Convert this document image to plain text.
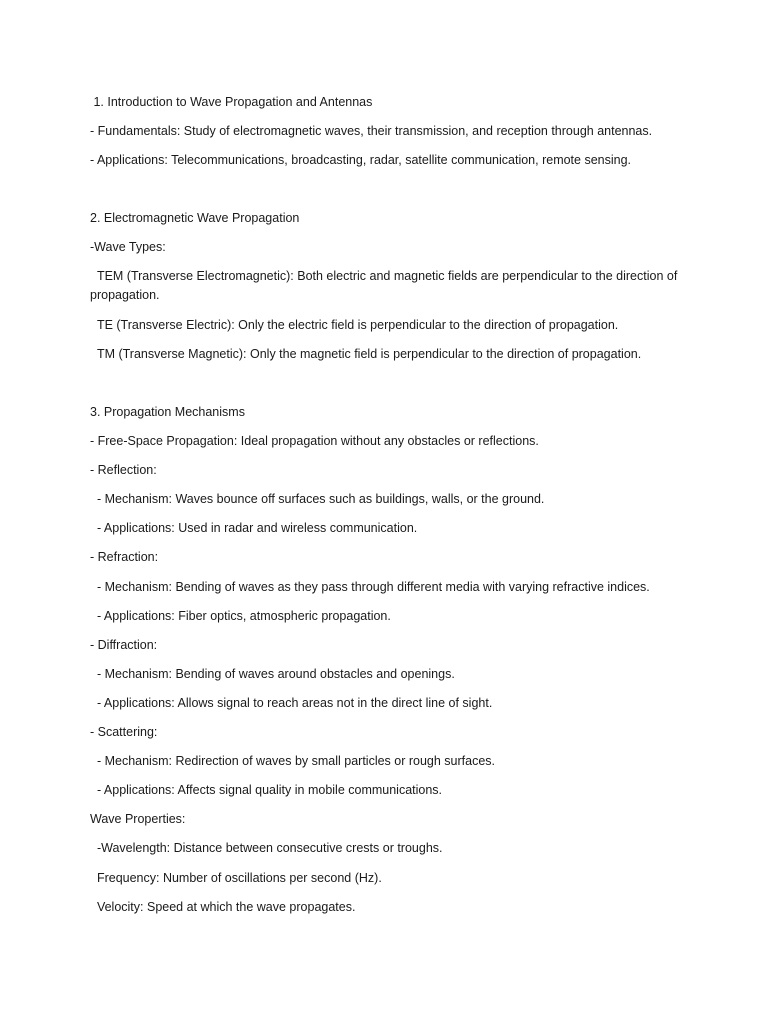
1. Introduction to Wave Propagation and Antennas

- Fundamentals: Study of electromagnetic waves, their transmission, and reception through antennas.

- Applications: Telecommunications, broadcasting, radar, satellite communication, remote sensing.

2. Electromagnetic Wave Propagation

-Wave Types:

TEM (Transverse Electromagnetic): Both electric and magnetic fields are perpendicular to the direction of propagation.

TE (Transverse Electric): Only the electric field is perpendicular to the direction of propagation.

TM (Transverse Magnetic): Only the magnetic field is perpendicular to the direction of propagation.

3. Propagation Mechanisms

- Free-Space Propagation: Ideal propagation without any obstacles or reflections.

- Reflection:

- Mechanism: Waves bounce off surfaces such as buildings, walls, or the ground.

- Applications: Used in radar and wireless communication.

- Refraction:

- Mechanism: Bending of waves as they pass through different media with varying refractive indices.

- Applications: Fiber optics, atmospheric propagation.

- Diffraction:

- Mechanism: Bending of waves around obstacles and openings.

- Applications: Allows signal to reach areas not in the direct line of sight.

- Scattering:

- Mechanism: Redirection of waves by small particles or rough surfaces.

- Applications: Affects signal quality in mobile communications.

Wave Properties:

-Wavelength: Distance between consecutive crests or troughs.

Frequency: Number of oscillations per second (Hz).

Velocity: Speed at which the wave propagates.
